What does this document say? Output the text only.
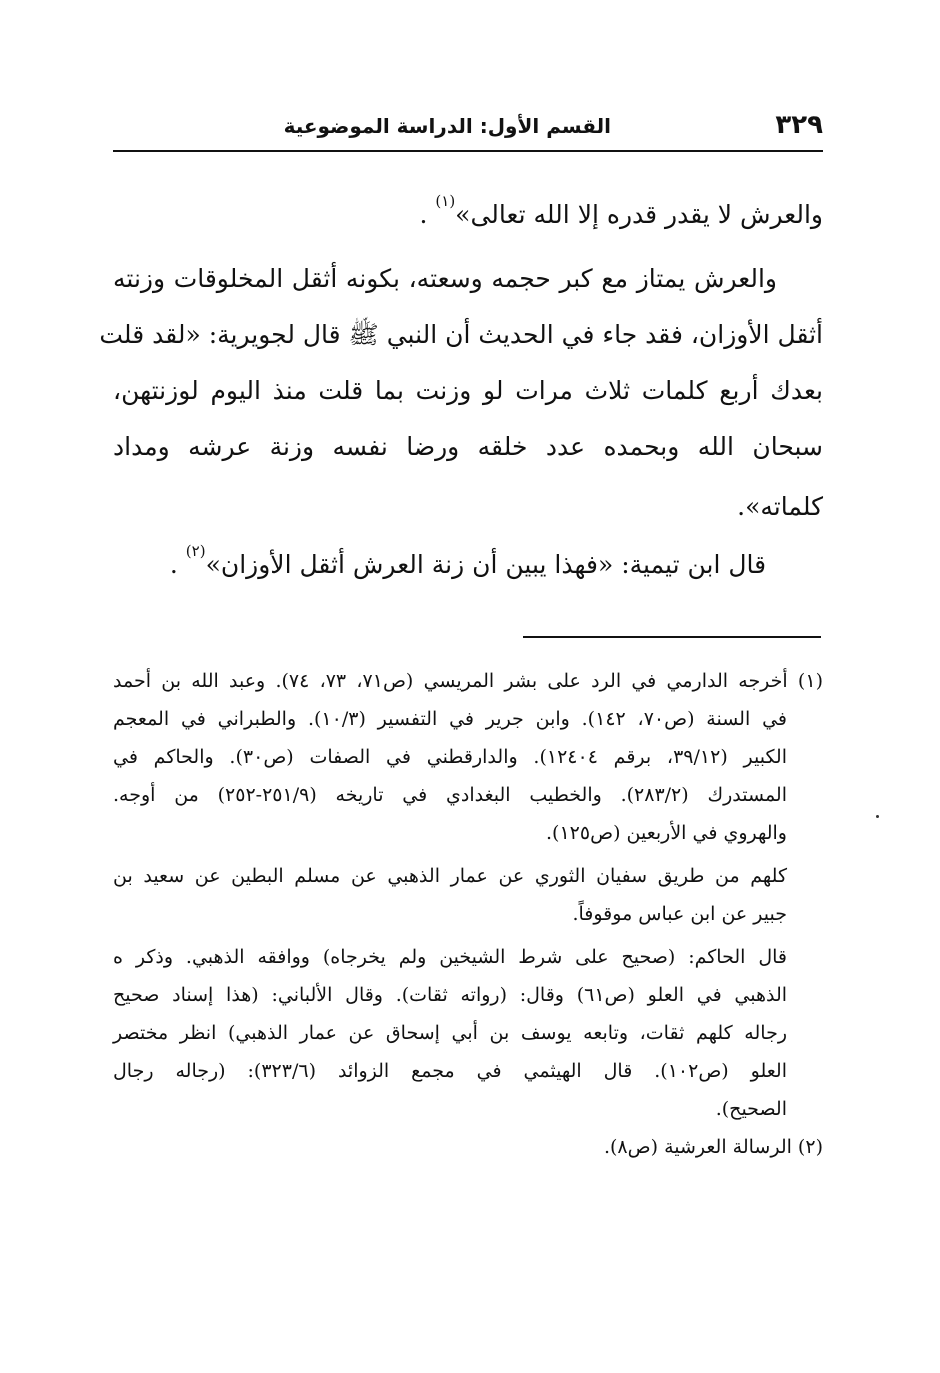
٣٢٩
القسم الأول: الدراسة الموضوعية
والعرش لا يقدر قدره إلا الله تعالى»$^{(١)}$ .
والعرش يمتاز مع كبر حجمه وسعته، بكونه أثقل المخلوقات وزنته
أثقل الأوزان، فقد جاء في الحديث أن النبي ﷺ قال لجويرية: «لقد قلت
بعدك أربع كلمات ثلاث مرات لو وزنت بما قلت منذ اليوم لوزنتهن،
سبحان الله وبحمده عدد خلقه ورضا نفسه وزنة عرشه ومداد
كلماته».
قال ابن تيمية: «فهذا يبين أن زنة العرش أثقل الأوزان»$^{(٢)}$ .
(١) أخرجه الدارمي في الرد على بشر المريسي (ص٧١، ٧٣، ٧٤). وعبد الله بن أحمد
في السنة (ص٧٠، ١٤٢). وابن جرير في التفسير (١٠/٣). والطبراني في المعجم
الكبير (٣٩/١٢، برقم ١٢٤٠٤). والدارقطني في الصفات (ص٣٠). والحاكم في
المستدرك (٢٨٣/٢). والخطيب البغدادي في تاريخه (٢٥١/٩-٢٥٢) من أوجه.
والهروي في الأربعين (ص١٢٥).
كلهم من طريق سفيان الثوري عن عمار الذهبي عن مسلم البطين عن سعيد بن
جبير عن ابن عباس موقوفاً.
قال الحاكم: (صحيح على شرط الشيخين ولم يخرجاه) ووافقه الذهبي. وذكر ه
الذهبي في العلو (ص٦١) وقال: (رواته ثقات). وقال الألباني: (هذا إسناد صحيح
رجاله كلهم ثقات، وتابعه يوسف بن أبي إسحاق عن عمار الذهبي) انظر مختصر
العلو (ص١٠٢). قال الهيثمي في مجمع الزوائد (٣٢٣/٦): (رجاله رجال
الصحيح).
(٢) الرسالة العرشية (ص٨).
